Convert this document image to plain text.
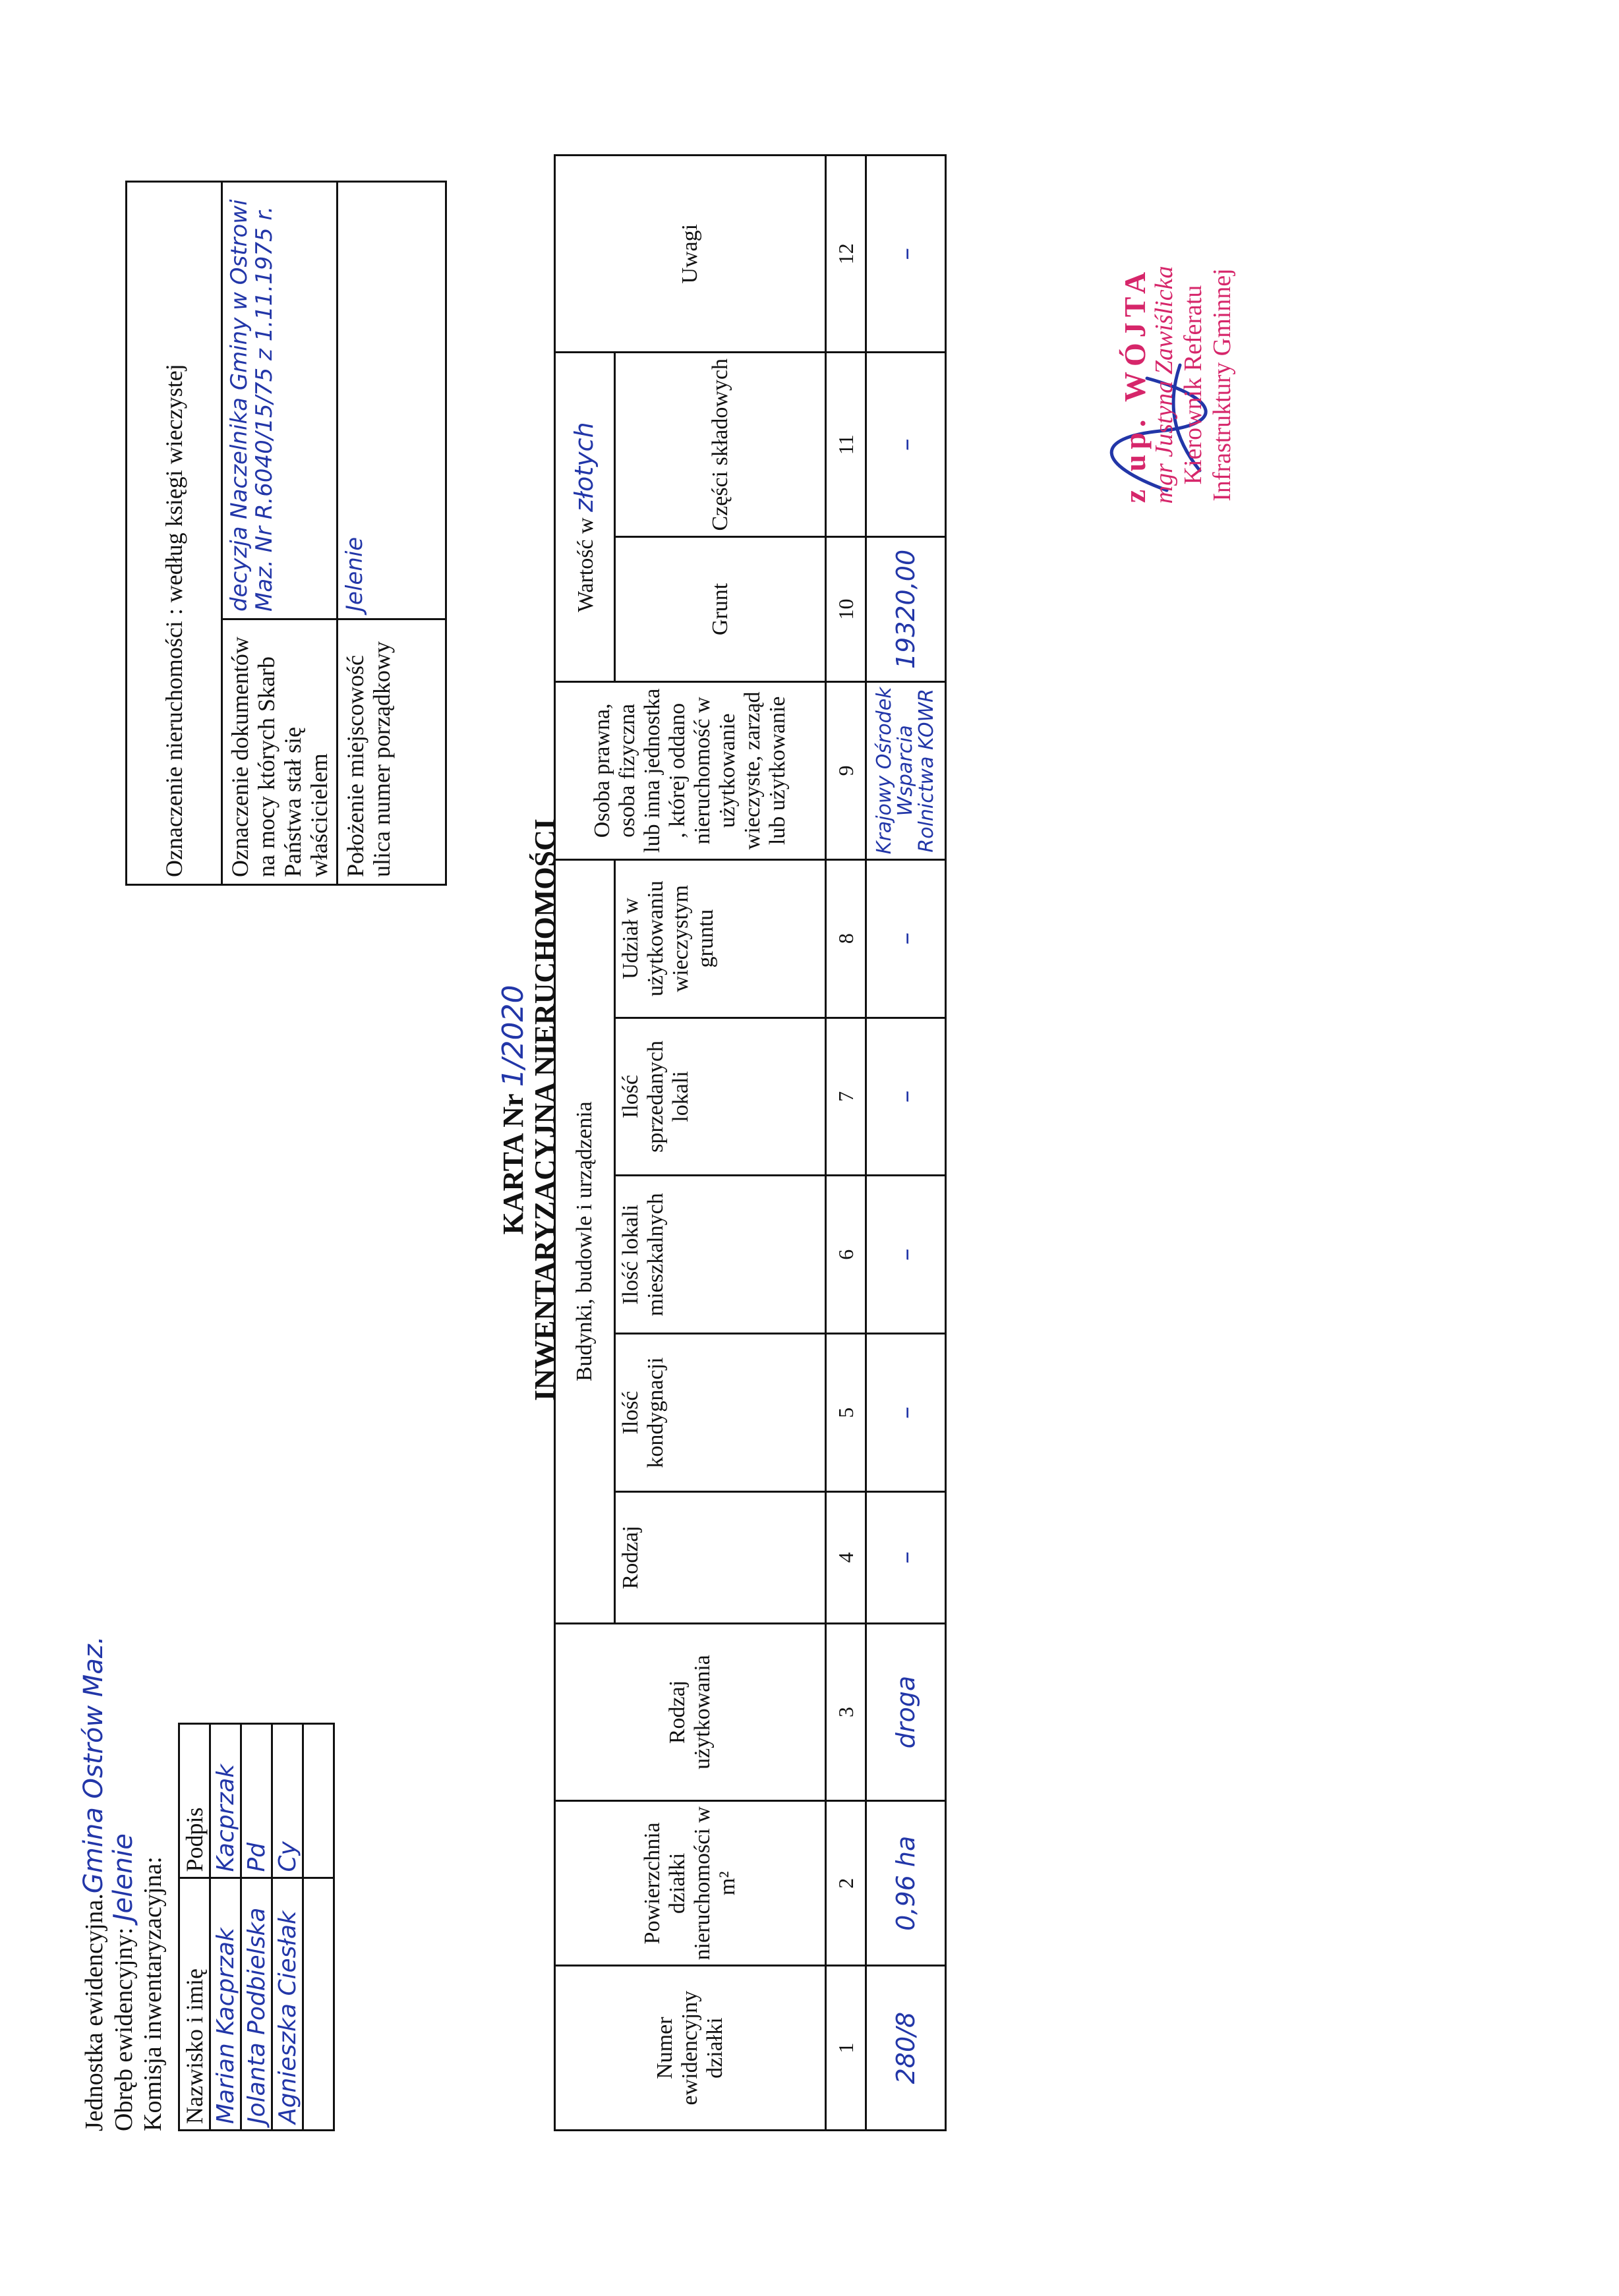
Jednostka ewidencyjna.Gmina Ostrów Maz.
Obręb ewidencyjny: Jelenie Komisja inwentaryzacyjna: Nazwisko i imię	Podpis
Marian Kacprzak	Kacprzak
Jolanta Podbielska	Pd
Agnieszka Ciesłak	Cy

KARTA Nr 1/2020
INWENTARYZACYJNA NIERUCHOMOŚCI
Oznaczenie nieruchomości : według księgi wieczystej	
Oznaczenie dokumentów na mocy których Skarb Państwa stał się właścicielem	decyzja Naczelnika Gminy w Ostrowi Maz. Nr R.6040/15/75 z 1.11.1975 r.
Położenie miejscowość ulica numer porządkowy	Jelenie
Numer ewidencyjny działki	Powierzchnia działki nieruchomości w m²	Rodzaj użytkowania	Budynki, budowle i urządzenia					Osoba prawna, osoba fizyczna lub inna jednostka , której oddano nieruchomość w użytkowanie wieczyste, zarząd lub użytkowanie	Wartość w złotych		Uwagi
			Rodzaj	Ilość kondygnacji	Ilość lokali mieszkalnych	Ilość sprzedanych lokali	Udział w użytkowaniu wieczystym gruntu		Grunt	Części składowych	
1	2	3	4	5	6	7	8	9	10	11	12
280/8	0,96 ha	droga	–	–	–	–	–	Krajowy Ośrodek Wsparcia Rolnictwa KOWR	19320,00	–	–
z up. WÓJTA
mgr Justyna Zawiślicka Kierownik Referatu Infrastruktury Gminnej
